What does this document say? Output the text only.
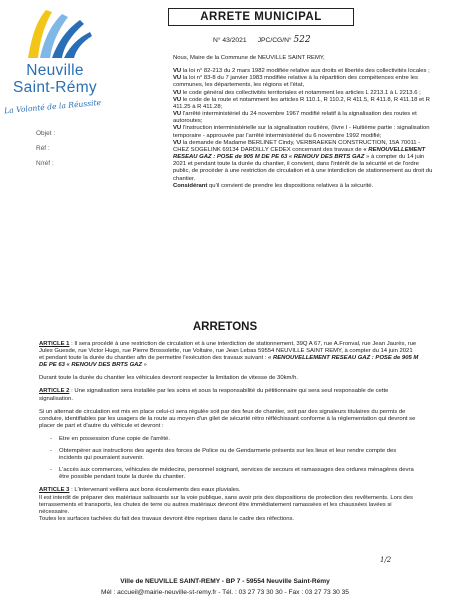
Neuville
Saint-Rémy
La Volonté de la Réussite
ARRETE MUNICIPAL
N° 43/2021 JPC/CG/N° 522
Objet :
Réf :
N/réf :

Nous, Maire de la Commune de NEUVILLE SAINT REMY,

VU la loi n° 82-213 du 2 mars 1982 modifiée relative aux droits et libertés des collectivités locales ;

VU la loi n° 83-8 du 7 janvier 1983 modifiée relative à la répartition des compétences entre les communes, les départements, les régions et l'état,

VU le code général des collectivités territoriales et notamment les articles L 2213.1 à L 2213.6 ;

VU le code de la route et notamment les articles R 110.1, R 110.2, R 411.5, R 411.8, R 411.18 et R 411.25 à R 411.28;

VU l'arrêté interministériel du 24 novembre 1967 modifié relatif à la signalisation des routes et autoroutes;

VU l'instruction interministérielle sur la signalisation routière, (livre I - Huitième partie : signalisation temporaire - approuvée par l'arrêté interministériel du 6 novembre 1992 modifié;

VU la demande de Madame BERLINET Cindy, VERBRAEKEN CONSTRUCTION, 15A 70011 - CHEZ SOGELINK 69134 DARDILLY CEDEX concernant des travaux de « RENOUVELLEMENT RESEAU GAZ : POSE de 905 M DE PE 63 « RENOUV DES BRTS GAZ » à compter du 14 juin 2021 et pendant toute la durée du chantier, il convient, dans l'intérêt de la sécurité et de l'ordre public, de procéder à une restriction de circulation et à une interdiction de stationnement au droit du chantier.

Considérant qu'il convient de prendre les dispositions relatives à la sécurité.

ARRETONS

ARTICLE 1 : Il sera procédé à une restriction de circulation et à une interdiction de stationnement, 39Q A 67, rue A.Fronval, rue Jean Jaurès, rue Jules Guesde, rue Victor Hugo, rue Pierre Brossolette, rue Voltaire, rue Jean Lebas 59554 NEUVILLE SAINT REMY, à compter du 14 juin 2021 et pendant toute la durée du chantier afin de permettre l'exécution des travaux suivant : « RENOUVELLEMENT RESEAU GAZ : POSE de 905 M DE PE 63 « RENOUV DES BRTS GAZ »

Durant toute la durée du chantier les véhicules devront respecter la limitation de vitesse de 30km/h.

ARTICLE 2 : Une signalisation sera installée par les soins et sous la responsabilité du pétitionnaire qui sera seul responsable de cette signalisation.

Si un alternat de circulation est mis en place celui-ci sera régulée soit par des feux de chantier, soit par des signaleurs titulaires du permis de conduire, identifiables par les usagers de la route au moyen d'un gilet de sécurité rétro réfléchissant conforme à la réglementation qui devront se placer de part et d'autre du véhicule et devront :

- Etre en possession d'une copie de l'arrêté.
- Obtempérer aux instructions des agents des forces de Police ou de Gendarmerie présents sur les lieux et leur rendre compte des incidents qui pourraient survenir.
- L'accès aux commerces, véhicules de médecins, personnel soignant, services de secours et ramassages des ordures ménagères devra être possible pendant toute la durée du chantier.

ARTICLE 3 : L'intervenant veillera aux bons écoulements des eaux pluviales.

Il est interdit de préparer des matériaux salissants sur la voie publique, sans avoir pris des dispositions de protection des revêtements. Lors des terrassements et transports, les chutes de terre ou autres matériaux devront être immédiatement ramassées et les chaussées lavées si nécessaire.

Toutes les surfaces tachées du fait des travaux devront être reprises dans le cadre des réfections.

1/2
Ville de NEUVILLE SAINT-REMY - BP 7 - 59554 Neuville Saint-Rémy
Mél : accueil@mairie-neuville-st-remy.fr - Tél. : 03 27 73 30 30 - Fax : 03 27 73 30 35
